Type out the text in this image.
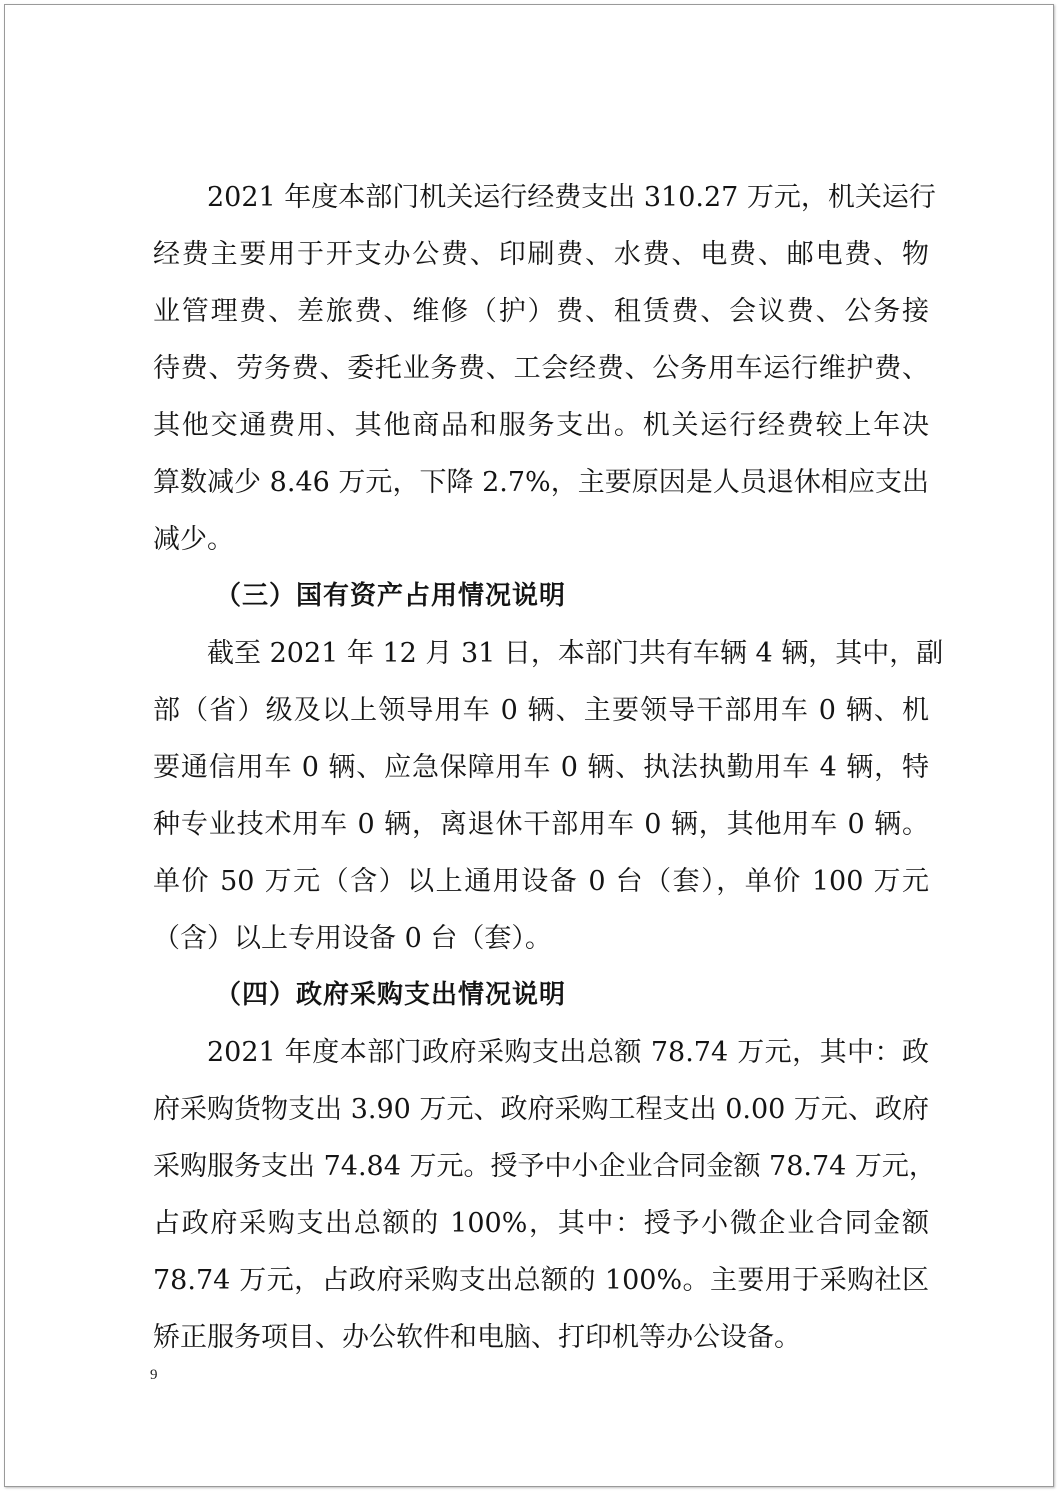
2021 年度本部门机关运行经费支出 310.27 万元，机关运行
经费主要用于开支办公费、印刷费、水费、电费、邮电费、物
业管理费、差旅费、维修（护）费、租赁费、会议费、公务接
待费、劳务费、委托业务费、工会经费、公务用车运行维护费、
其他交通费用、其他商品和服务支出。机关运行经费较上年决
算数减少 8.46 万元，下降 2.7%，主要原因是人员退休相应支出
减少。
（三）国有资产占用情况说明
截至 2021 年 12 月 31 日，本部门共有车辆 4 辆，其中，副
部（省）级及以上领导用车 0 辆、主要领导干部用车 0 辆、机
要通信用车 0 辆、应急保障用车 0 辆、执法执勤用车 4 辆，特
种专业技术用车 0 辆，离退休干部用车 0 辆，其他用车 0 辆。
单价 50 万元（含）以上通用设备 0 台（套），单价 100 万元
（含）以上专用设备 0 台（套）。
（四）政府采购支出情况说明
2021 年度本部门政府采购支出总额 78.74 万元，其中：政
府采购货物支出 3.90 万元、政府采购工程支出 0.00 万元、政府
采购服务支出 74.84 万元。授予中小企业合同金额 78.74 万元，
占政府采购支出总额的 100%，其中：授予小微企业合同金额
78.74 万元，占政府采购支出总额的 100%。主要用于采购社区
矫正服务项目、办公软件和电脑、打印机等办公设备。
9
